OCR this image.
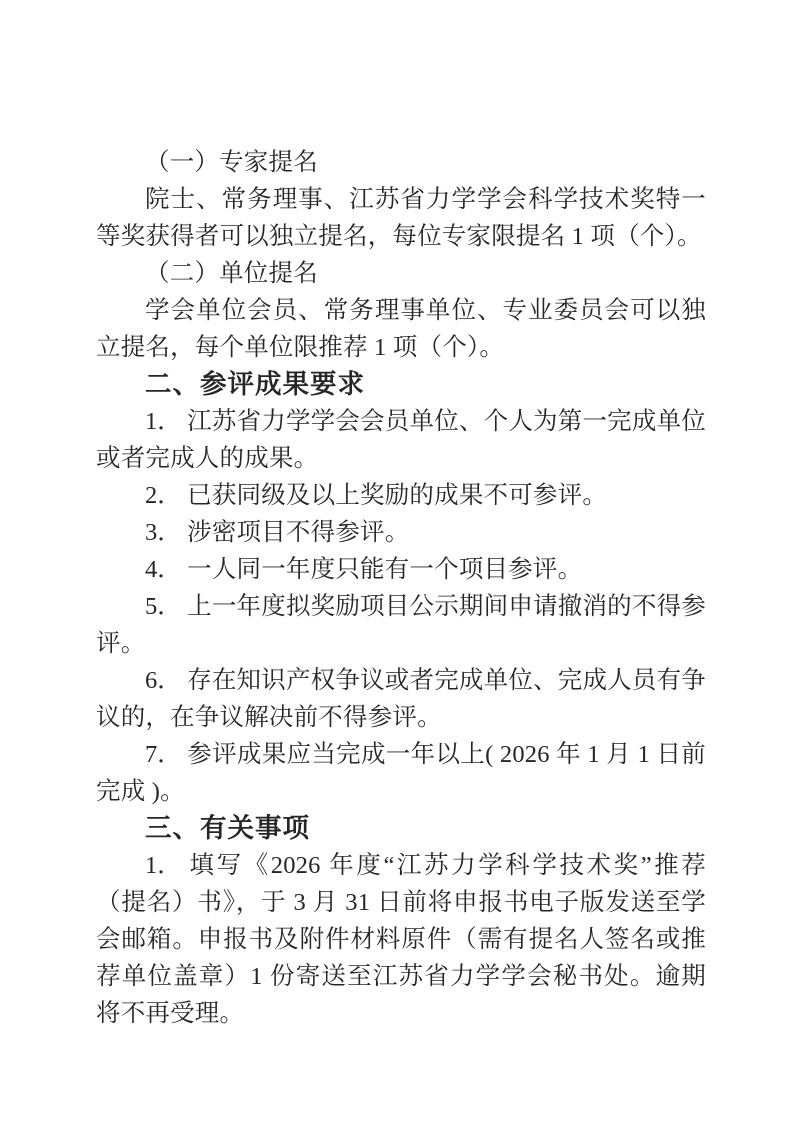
（一）专家提名

院士、常务理事、江苏省力学学会科学技术奖特一等奖获得者可以独立提名，每位专家限提名 1 项（个）。

（二）单位提名

学会单位会员、常务理事单位、专业委员会可以独立提名，每个单位限推荐 1 项（个）。

二、参评成果要求

1． 江苏省力学学会会员单位、个人为第一完成单位或者完成人的成果。

2． 已获同级及以上奖励的成果不可参评。

3． 涉密项目不得参评。

4． 一人同一年度只能有一个项目参评。

5． 上一年度拟奖励项目公示期间申请撤消的不得参评。

6． 存在知识产权争议或者完成单位、完成人员有争议的，在争议解决前不得参评。

7． 参评成果应当完成一年以上( 2026 年 1 月 1 日前完成 )。

三、有关事项

1． 填写《2026 年度“江苏力学科学技术奖”推荐（提名）书》，于 3 月 31 日前将申报书电子版发送至学会邮箱。申报书及附件材料原件（需有提名人签名或推荐单位盖章）1 份寄送至江苏省力学学会秘书处。逾期将不再受理。
